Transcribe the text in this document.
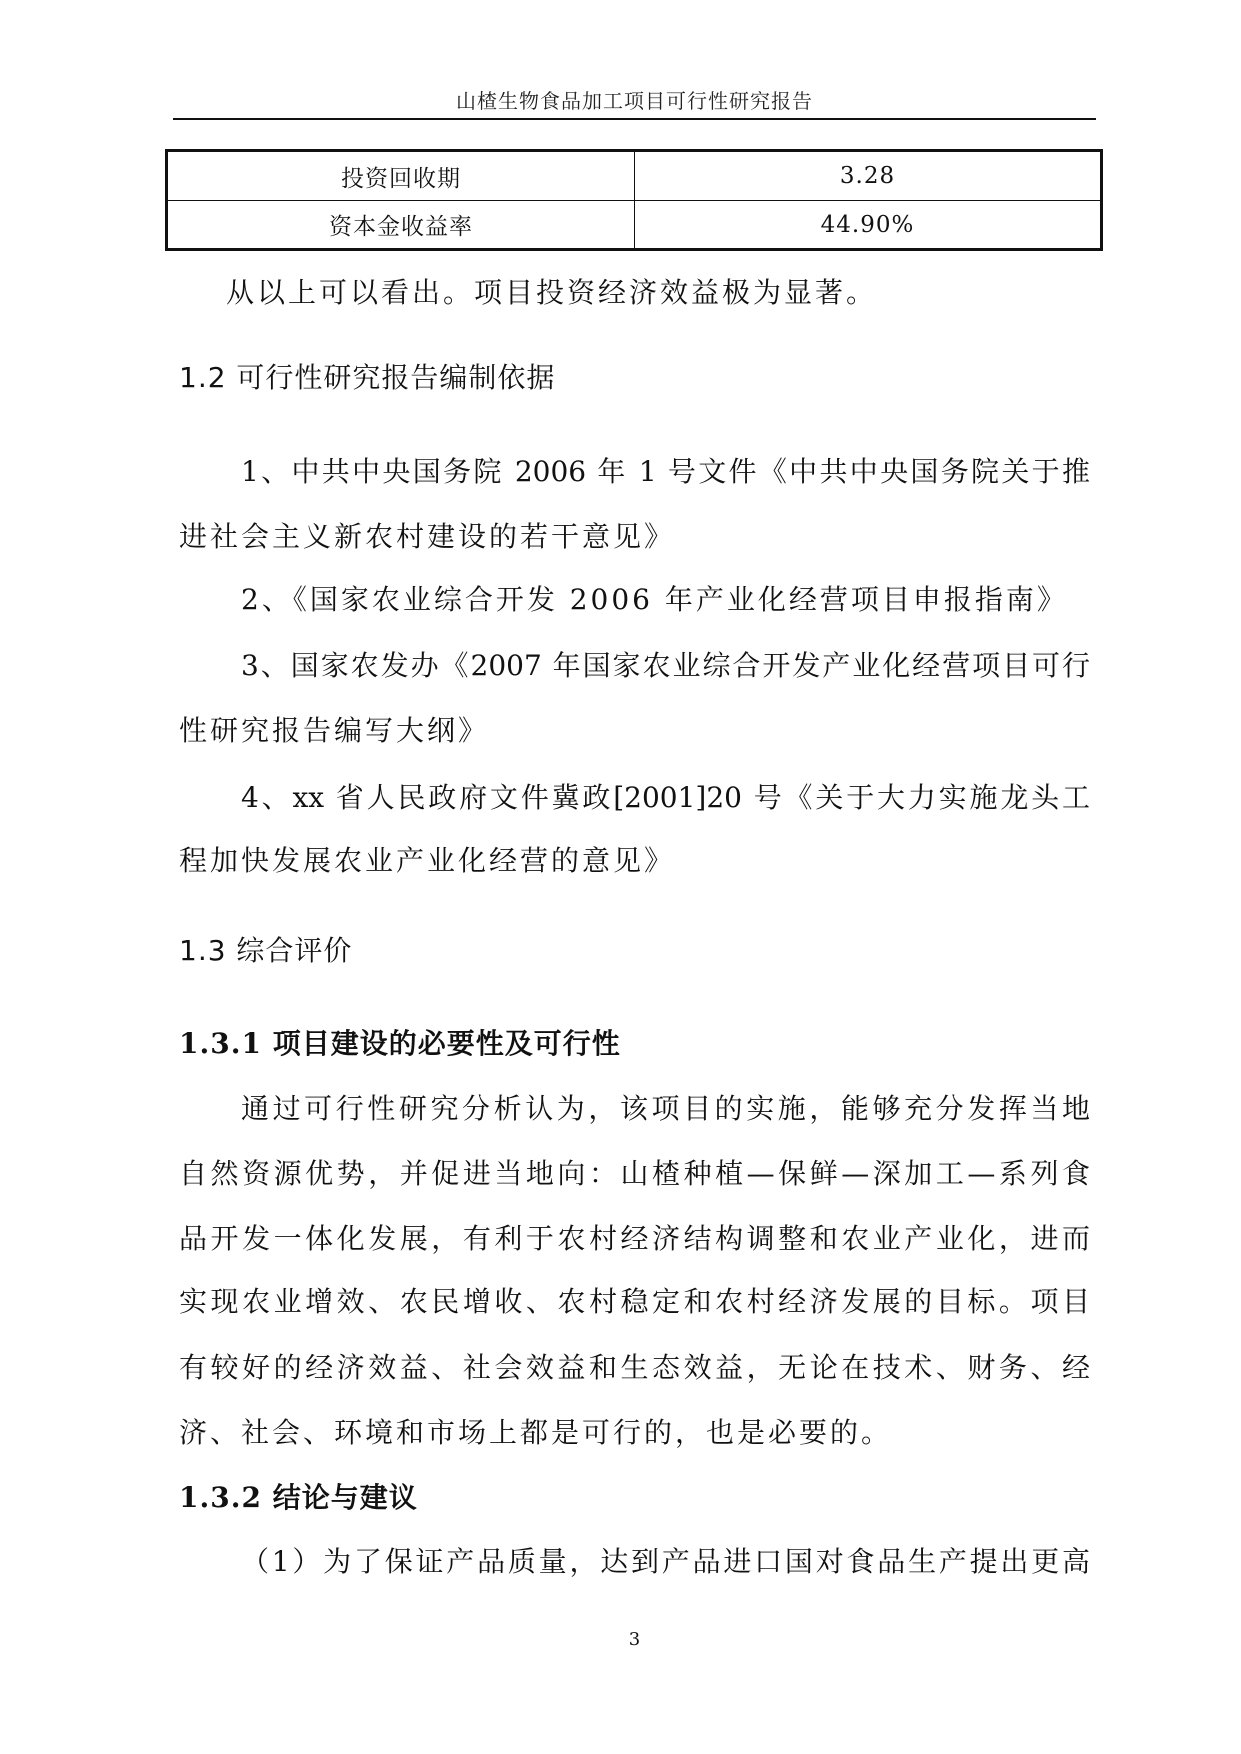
山楂生物食品加工项目可行性研究报告
投资回收期	3.28
资本金收益率	44.90%
从以上可以看出。项目投资经济效益极为显著。
1.2 可行性研究报告编制依据
1、中共中央国务院 2006 年 1 号文件《中共中央国务院关于推
进社会主义新农村建设的若干意见》
2、《国家农业综合开发 2006 年产业化经营项目申报指南》
3、国家农发办《2007 年国家农业综合开发产业化经营项目可行
性研究报告编写大纲》
4、xx 省人民政府文件冀政[2001]20 号《关于大力实施龙头工
程加快发展农业产业化经营的意见》
1.3 综合评价
1.3.1 项目建设的必要性及可行性
通过可行性研究分析认为，该项目的实施，能够充分发挥当地
自然资源优势，并促进当地向：山楂种植—保鲜—深加工—系列食
品开发一体化发展，有利于农村经济结构调整和农业产业化，进而
实现农业增效、农民增收、农村稳定和农村经济发展的目标。项目
有较好的经济效益、社会效益和生态效益，无论在技术、财务、经
济、社会、环境和市场上都是可行的，也是必要的。
1.3.2 结论与建议
（1）为了保证产品质量，达到产品进口国对食品生产提出更高
3
